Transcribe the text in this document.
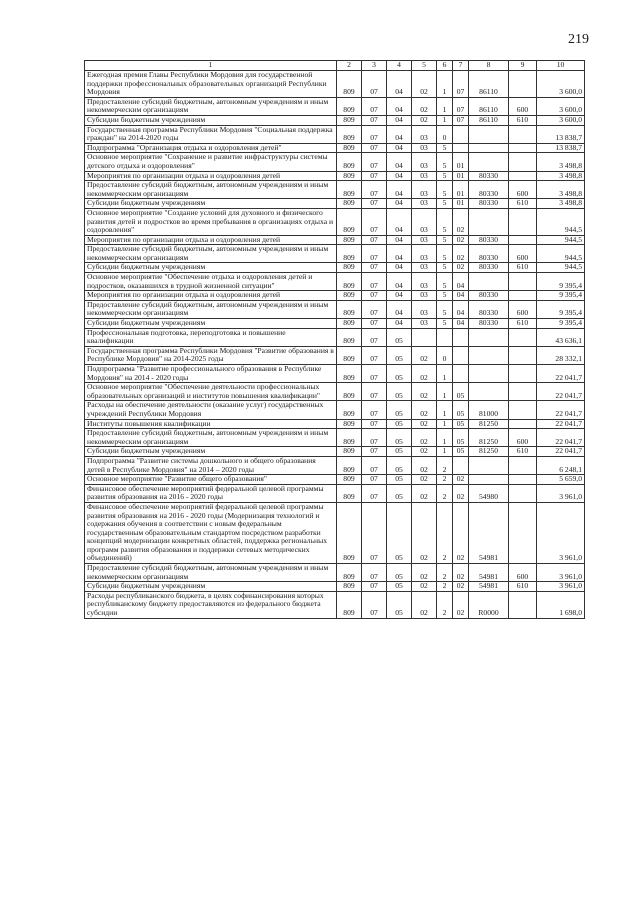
219
1	2	3	4	5	6	7	8	9	10
Ежегодная премия Главы Республики Мордовия для государственной поддержки профессиональных образовательных организаций Республики Мордовия	809	07	04	02	1	07	86110		3 600,0
Предоставление субсидий бюджетным, автономным учреждениям и иным некоммерческим организациям	809	07	04	02	1	07	86110	600	3 600,0
Субсидии бюджетным учреждениям	809	07	04	02	1	07	86110	610	3 600,0
Государственная программа Республики Мордовия "Социальная поддержка граждан" на 2014-2020 годы	809	07	04	03	0				13 838,7
Подпрограмма "Организация отдыха и оздоровления детей"	809	07	04	03	5				13 838,7
Основное мероприятие "Сохранение и развитие инфраструктуры системы детского отдыха и оздоровления"	809	07	04	03	5	01			3 498,8
Мероприятия по организации отдыха и оздоровления детей	809	07	04	03	5	01	80330		3 498,8
Предоставление субсидий бюджетным, автономным учреждениям и иным некоммерческим организациям	809	07	04	03	5	01	80330	600	3 498,8
Субсидии бюджетным учреждениям	809	07	04	03	5	01	80330	610	3 498,8
Основное мероприятие "Создание условий для духовного и физического развития детей и подростков во время пребывания в организациях отдыха и оздоровления"	809	07	04	03	5	02			944,5
Мероприятия по организации отдыха и оздоровления детей	809	07	04	03	5	02	80330		944,5
Предоставление субсидий бюджетным, автономным учреждениям и иным некоммерческим организациям	809	07	04	03	5	02	80330	600	944,5
Субсидии бюджетным учреждениям	809	07	04	03	5	02	80330	610	944,5
Основное мероприятие "Обеспечение отдыха и оздоровления детей и подростков, оказавшихся в трудной жизненной ситуации"	809	07	04	03	5	04			9 395,4
Мероприятия по организации отдыха и оздоровления детей	809	07	04	03	5	04	80330		9 395,4
Предоставление субсидий бюджетным, автономным учреждениям и иным некоммерческим организациям	809	07	04	03	5	04	80330	600	9 395,4
Субсидии бюджетным учреждениям	809	07	04	03	5	04	80330	610	9 395,4
Профессиональная подготовка, переподготовка и повышение квалификации	809	07	05						43 636,1
Государственная программа Республики Мордовия "Развитие образования в Республике Мордовия" на 2014-2025 годы	809	07	05	02	0				28 332,1
Подпрограмма "Развитие профессионального образования в Республике Мордовия" на 2014 - 2020 годы	809	07	05	02	1				22 041,7
Основное мероприятие "Обеспечение деятельности профессиональных образовательных организаций и институтов повышения квалификации"	809	07	05	02	1	05			22 041,7
Расходы на обеспечение деятельности (оказание услуг) государственных учреждений Республики Мордовия	809	07	05	02	1	05	81000		22 041,7
Институты повышения квалификации	809	07	05	02	1	05	81250		22 041,7
Предоставление субсидий бюджетным, автономным учреждениям и иным некоммерческим организациям	809	07	05	02	1	05	81250	600	22 041,7
Субсидии бюджетным учреждениям	809	07	05	02	1	05	81250	610	22 041,7
Подпрограмма "Развитие системы дошкольного и общего образования детей в Республике Мордовия" на 2014 – 2020 годы	809	07	05	02	2				6 248,1
Основное мероприятие "Развитие общего образования"	809	07	05	02	2	02			5 659,0
Финансовое обеспечение мероприятий федеральной целевой программы развития образования на 2016 - 2020 годы	809	07	05	02	2	02	54980		3 961,0
Финансовое обеспечение мероприятий федеральной целевой программы развития образования на 2016 - 2020 годы (Модернизация технологий и содержания обучения в соответствии с новым федеральным государственным образовательным стандартом посредством разработки концепций модернизации конкретных областей, поддержка региональных программ развития образования и поддержки сетевых методических объединений)	809	07	05	02	2	02	54981		3 961,0
Предоставление субсидий бюджетным, автономным учреждениям и иным некоммерческим организациям	809	07	05	02	2	02	54981	600	3 961,0
Субсидии бюджетным учреждениям	809	07	05	02	2	02	54981	610	3 961,0
Расходы республиканского бюджета, в целях софинансирования которых республиканскому бюджету предоставляются из федерального бюджета субсидии	809	07	05	02	2	02	R0000		1 698,0
